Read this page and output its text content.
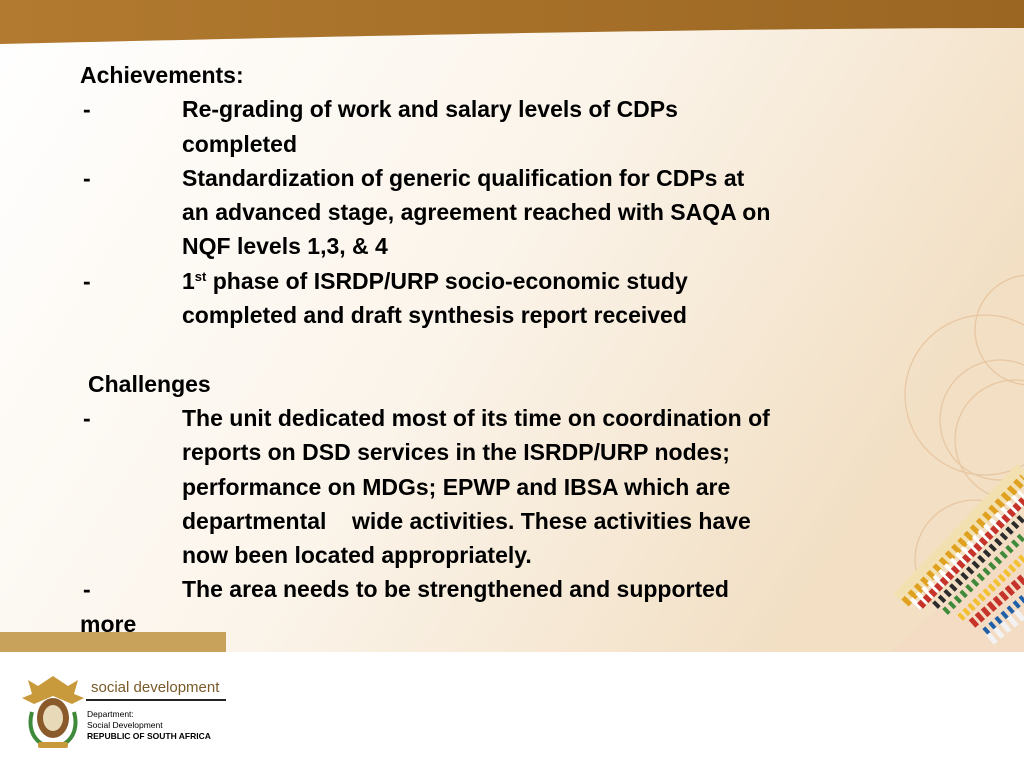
Achievements:
-	Re-grading of work and salary levels of CDPs
completed
-	Standardization of generic qualification for CDPs at
an advanced stage, agreement reached with SAQA on
NQF levels 1,3, & 4
-	1st phase of ISRDP/URP socio-economic study
completed and draft synthesis report received
Challenges
-	The unit dedicated most of its time on coordination of
reports on DSD services in the ISRDP/URP nodes;
performance on MDGs; EPWP and IBSA which are
departmental    wide activities. These activities have
now been located appropriately.
-	The area needs to be strengthened and supported
more
social development
Department:
Social Development
REPUBLIC OF SOUTH AFRICA
